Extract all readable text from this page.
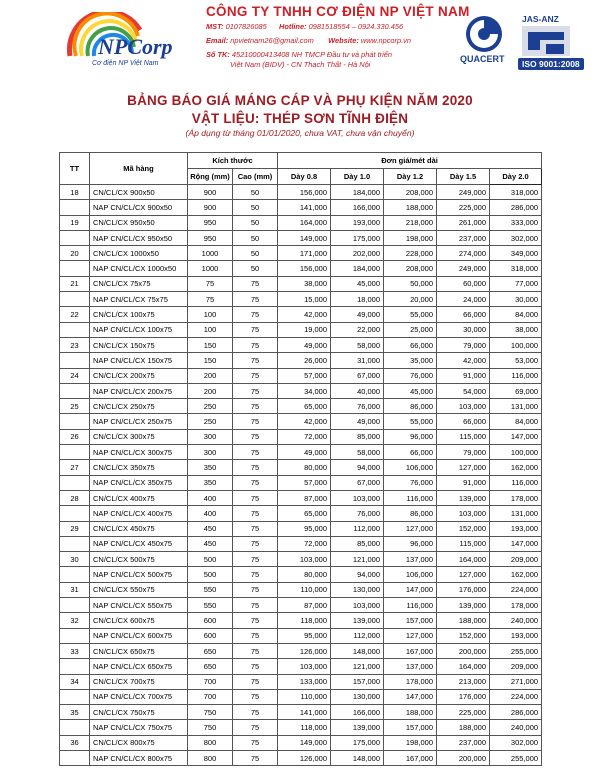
NPCorp
Cơ điện NP Việt Nam
CÔNG TY TNHH CƠ ĐIỆN NP VIỆT NAM
MST: 0107826085 Hotline: 0981518554 – 0924.330.456
Email: npvietnam26@gmail.com Website: www.npcorp.vn
Số TK: 45210000413408 NH TMCP Đầu tư và phát triển
Việt Nam (BIDV) - CN Thạch Thất - Hà Nội
QUACERT
JAS-ANZ
ISO 9001:2008
BẢNG BÁO GIÁ MÁNG CÁP VÀ PHỤ KIỆN NĂM 2020
VẬT LIỆU: THÉP SƠN TĨNH ĐIỆN
(Áp dụng từ tháng 01/01/2020, chưa VAT, chưa vận chuyển)
TT	Mã hàng	Kích thước		Đơn giá/mét dài				
		Rộng (mm)	Cao (mm)	Dày 0.8	Dày 1.0	Dày 1.2	Dày 1.5	Dày 2.0
18	CN/CL/CX 900x50	900	50	156,000	184,000	208,000	249,000	318,000
	NAP CN/CL/CX 900x50	900	50	141,000	166,000	188,000	225,000	286,000
19	CN/CL/CX 950x50	950	50	164,000	193,000	218,000	261,000	333,000
	NAP CN/CL/CX 950x50	950	50	149,000	175,000	198,000	237,000	302,000
20	CN/CL/CX 1000x50	1000	50	171,000	202,000	228,000	274,000	349,000
	NAP CN/CL/CX 1000x50	1000	50	156,000	184,000	208,000	249,000	318,000
21	CN/CL/CX 75x75	75	75	38,000	45,000	50,000	60,000	77,000
	NAP CN/CL/CX 75x75	75	75	15,000	18,000	20,000	24,000	30,000
22	CN/CL/CX 100x75	100	75	42,000	49,000	55,000	66,000	84,000
	NAP CN/CL/CX 100x75	100	75	19,000	22,000	25,000	30,000	38,000
23	CN/CL/CX 150x75	150	75	49,000	58,000	66,000	79,000	100,000
	NAP CN/CL/CX 150x75	150	75	26,000	31,000	35,000	42,000	53,000
24	CN/CL/CX 200x75	200	75	57,000	67,000	76,000	91,000	116,000
	NAP CN/CL/CX 200x75	200	75	34,000	40,000	45,000	54,000	69,000
25	CN/CL/CX 250x75	250	75	65,000	76,000	86,000	103,000	131,000
	NAP CN/CL/CX 250x75	250	75	42,000	49,000	55,000	66,000	84,000
26	CN/CL/CX 300x75	300	75	72,000	85,000	96,000	115,000	147,000
	NAP CN/CL/CX 300x75	300	75	49,000	58,000	66,000	79,000	100,000
27	CN/CL/CX 350x75	350	75	80,000	94,000	106,000	127,000	162,000
	NAP CN/CL/CX 350x75	350	75	57,000	67,000	76,000	91,000	116,000
28	CN/CL/CX 400x75	400	75	87,000	103,000	116,000	139,000	178,000
	NAP CN/CL/CX 400x75	400	75	65,000	76,000	86,000	103,000	131,000
29	CN/CL/CX 450x75	450	75	95,000	112,000	127,000	152,000	193,000
	NAP CN/CL/CX 450x75	450	75	72,000	85,000	96,000	115,000	147,000
30	CN/CL/CX 500x75	500	75	103,000	121,000	137,000	164,000	209,000
	NAP CN/CL/CX 500x75	500	75	80,000	94,000	106,000	127,000	162,000
31	CN/CL/CX 550x75	550	75	110,000	130,000	147,000	176,000	224,000
	NAP CN/CL/CX 550x75	550	75	87,000	103,000	116,000	139,000	178,000
32	CN/CL/CX 600x75	600	75	118,000	139,000	157,000	188,000	240,000
	NAP CN/CL/CX 600x75	600	75	95,000	112,000	127,000	152,000	193,000
33	CN/CL/CX 650x75	650	75	126,000	148,000	167,000	200,000	255,000
	NAP CN/CL/CX 650x75	650	75	103,000	121,000	137,000	164,000	209,000
34	CN/CL/CX 700x75	700	75	133,000	157,000	178,000	213,000	271,000
	NAP CN/CL/CX 700x75	700	75	110,000	130,000	147,000	176,000	224,000
35	CN/CL/CX 750x75	750	75	141,000	166,000	188,000	225,000	286,000
	NAP CN/CL/CX 750x75	750	75	118,000	139,000	157,000	188,000	240,000
36	CN/CL/CX 800x75	800	75	149,000	175,000	198,000	237,000	302,000
	NAP CN/CL/CX 800x75	800	75	126,000	148,000	167,000	200,000	255,000
